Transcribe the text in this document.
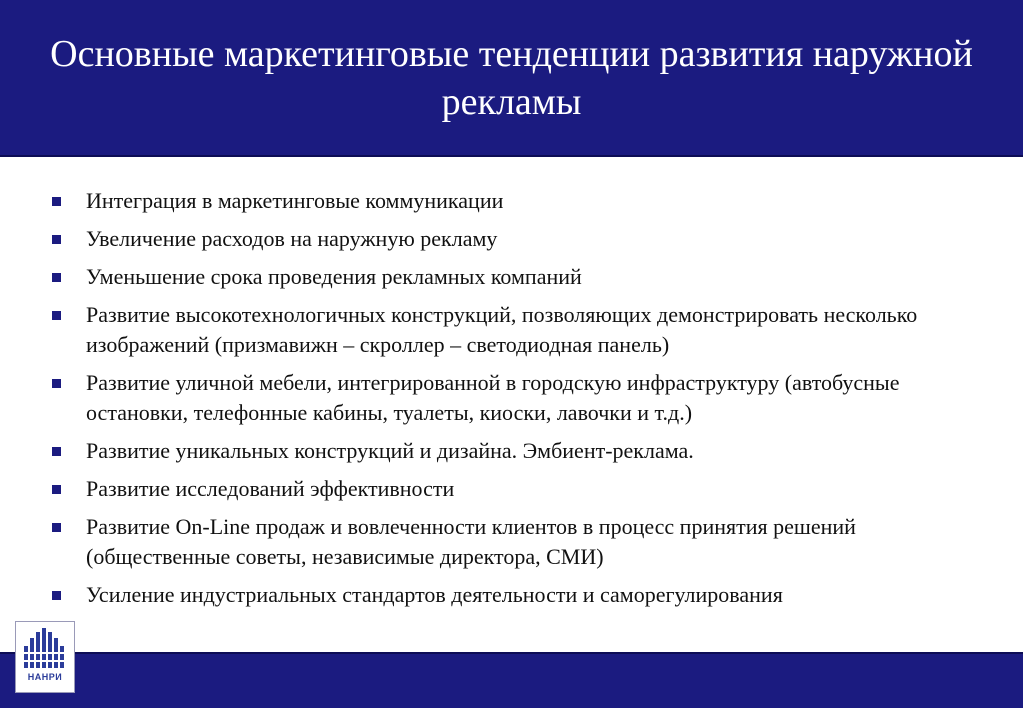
Основные маркетинговые тенденции развития наружной рекламы
Интеграция в маркетинговые коммуникации
Увеличение расходов на наружную рекламу
Уменьшение срока проведения рекламных компаний
Развитие высокотехнологичных конструкций, позволяющих демонстрировать несколько изображений (призмавижн – скроллер – светодиодная панель)
Развитие уличной мебели, интегрированной в городскую инфраструктуру (автобусные остановки, телефонные кабины, туалеты, киоски, лавочки и т.д.)
Развитие уникальных конструкций и дизайна. Эмбиент-реклама.
Развитие исследований эффективности
Развитие On-Line продаж и вовлеченности клиентов в процесс принятия решений (общественные советы, независимые директора, СМИ)
Усиление индустриальных стандартов деятельности и саморегулирования
НАНРИ
